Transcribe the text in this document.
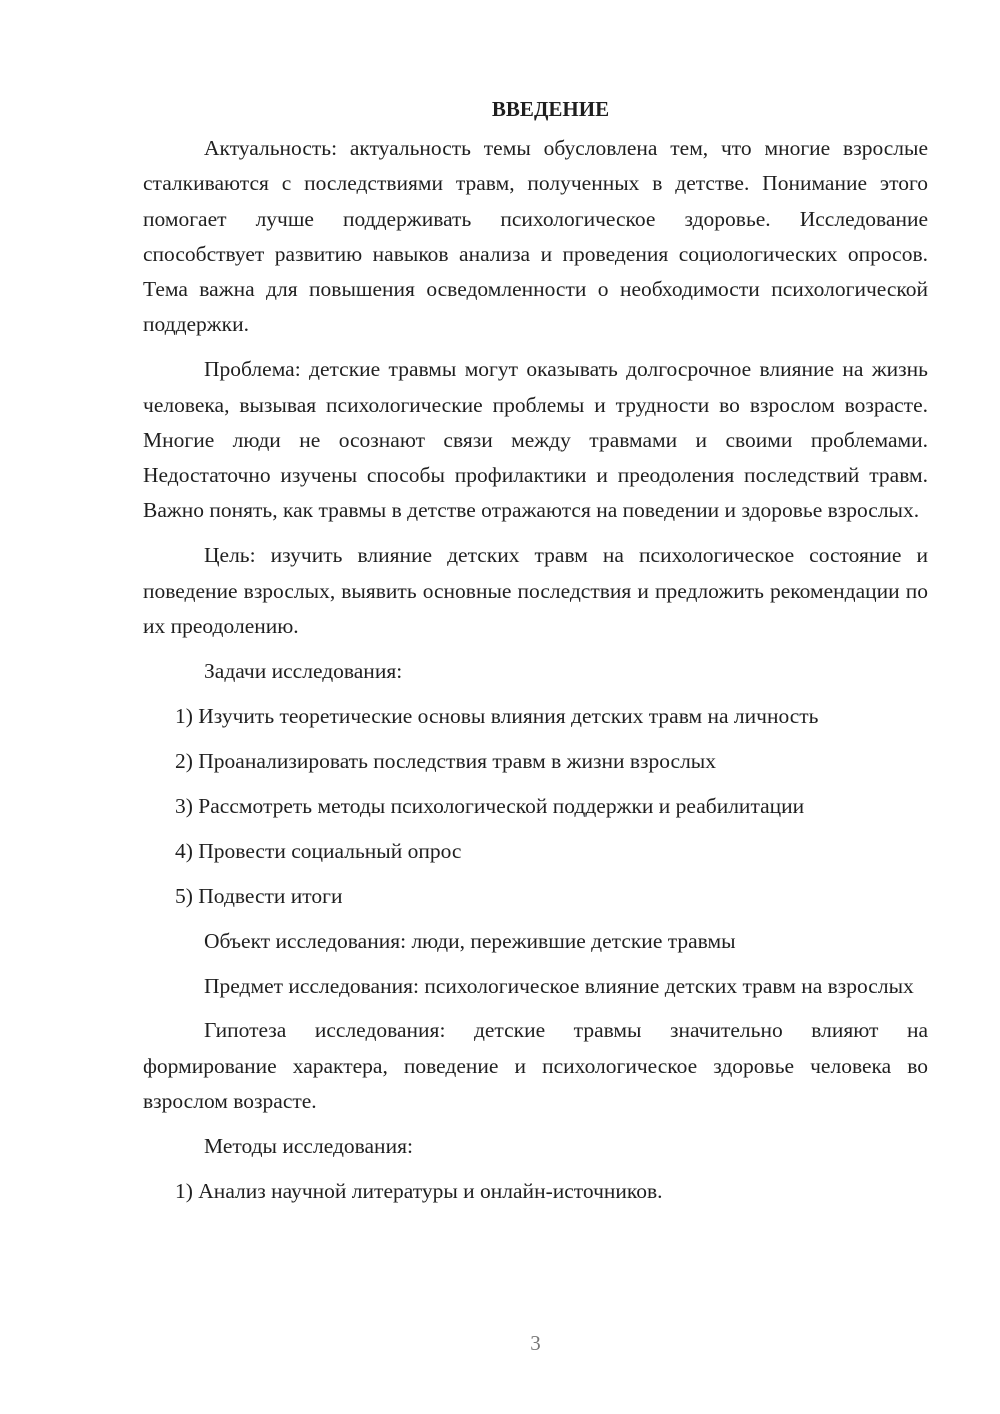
ВВЕДЕНИЕ

Актуальность: актуальность темы обусловлена тем, что многие взрослые сталкиваются с последствиями травм, полученных в детстве. Понимание этого помогает лучше поддерживать психологическое здоровье. Исследование способствует развитию навыков анализа и проведения социологических опросов. Тема важна для повышения осведомленности о необходимости психологической поддержки.

Проблема: детские травмы могут оказывать долгосрочное влияние на жизнь человека, вызывая психологические проблемы и трудности во взрослом возрасте. Многие люди не осознают связи между травмами и своими проблемами. Недостаточно изучены способы профилактики и преодоления последствий травм. Важно понять, как травмы в детстве отражаются на поведении и здоровье взрослых.

Цель: изучить влияние детских травм на психологическое состояние и поведение взрослых, выявить основные последствия и предложить рекомендации по их преодолению.

Задачи исследования:

1) Изучить теоретические основы влияния детских травм на личность

2) Проанализировать последствия травм в жизни взрослых

3) Рассмотреть методы психологической поддержки и реабилитации

4) Провести социальный опрос

5) Подвести итоги

Объект исследования: люди, пережившие детские травмы

Предмет исследования: психологическое влияние детских травм на взрослых

Гипотеза исследования: детские травмы значительно влияют на формирование характера, поведение и психологическое здоровье человека во взрослом возрасте.

Методы исследования:

1) Анализ научной литературы и онлайн-источников.

3
